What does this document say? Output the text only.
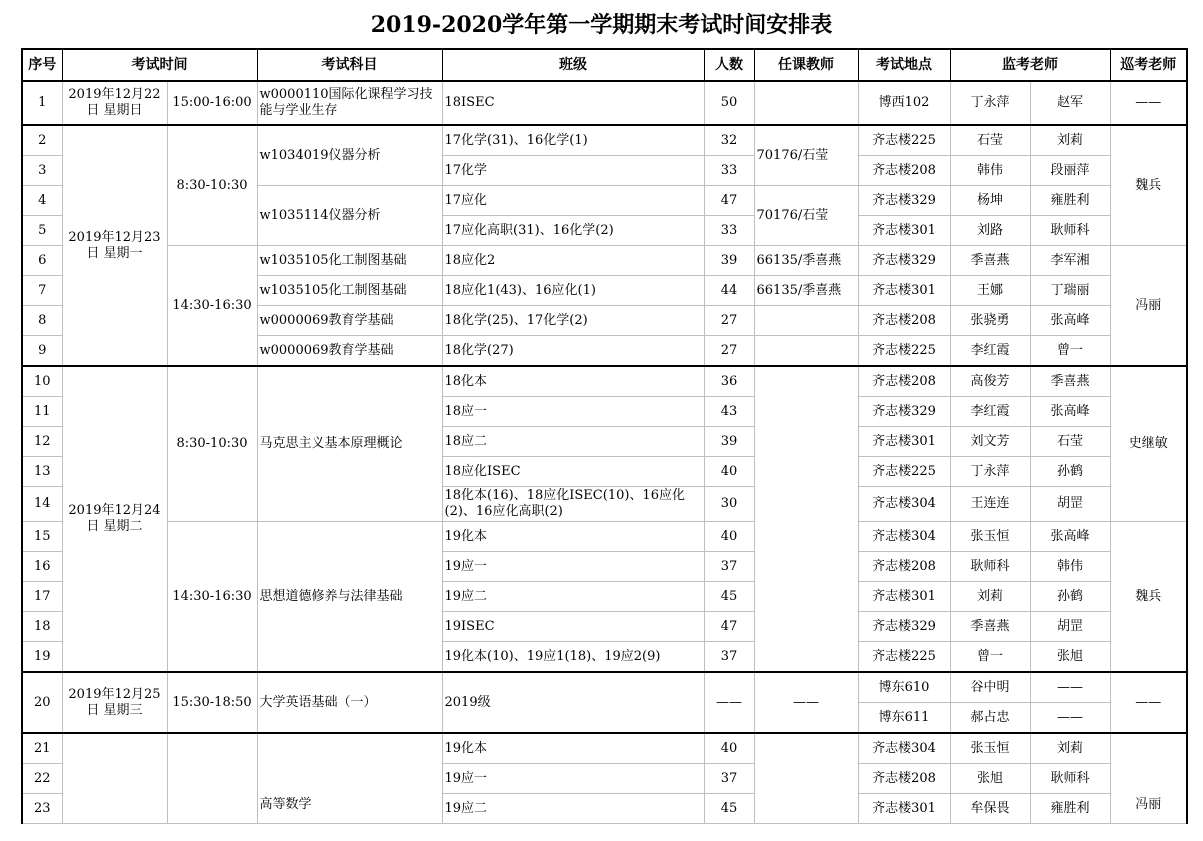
2019-2020学年第一学期期末考试时间安排表
序号	考试时间		考试科目	班级	人数	任课教师	考试地点	监考老师		巡考老师
1	2019年12月22日 星期日	15:00-16:00	w0000110国际化课程学习技能与学业生存	18ISEC	50		博西102	丁永萍	赵军	——
2	2019年12月23日 星期一	8:30-10:30	w1034019仪器分析	17化学(31)、16化学(1)	32	70176/石莹	齐志楼225	石莹	刘莉	魏兵
3				17化学	33		齐志楼208	韩伟	段丽萍	
4			w1035114仪器分析	17应化	47	70176/石莹	齐志楼329	杨坤	雍胜利	
5				17应化高职(31)、16化学(2)	33		齐志楼301	刘路	耿师科	
6		14:30-16:30	w1035105化工制图基础	18应化2	39	66135/季喜燕	齐志楼329	季喜燕	李军湘	冯丽
7			w1035105化工制图基础	18应化1(43)、16应化(1)	44	66135/季喜燕	齐志楼301	王娜	丁瑞丽	
8			w0000069教育学基础	18化学(25)、17化学(2)	27		齐志楼208	张骁勇	张高峰	
9			w0000069教育学基础	18化学(27)	27		齐志楼225	李红霞	曾一	
10	2019年12月24日 星期二	8:30-10:30	马克思主义基本原理概论	18化本	36		齐志楼208	高俊芳	季喜燕	史继敏
11				18应一	43		齐志楼329	李红霞	张高峰	
12				18应二	39		齐志楼301	刘文芳	石莹	
13				18应化ISEC	40		齐志楼225	丁永萍	孙鹤	
14				18化本(16)、18应化ISEC(10)、16应化(2)、16应化高职(2)	30		齐志楼304	王连连	胡罡	
15		14:30-16:30	思想道德修养与法律基础	19化本	40		齐志楼304	张玉恒	张高峰	魏兵
16				19应一	37		齐志楼208	耿师科	韩伟	
17				19应二	45		齐志楼301	刘莉	孙鹤	
18				19ISEC	47		齐志楼329	季喜燕	胡罡	
19				19化本(10)、19应1(18)、19应2(9)	37		齐志楼225	曾一	张旭	
20	2019年12月25日 星期三	15:30-18:50	大学英语基础（一）	2019级	——	——	博东610	谷中明	——	——
							博东611	郝占忠	——	
21			高等数学	19化本	40		齐志楼304	张玉恒	刘莉	冯丽
22				19应一	37		齐志楼208	张旭	耿师科	
23				19应二	45		齐志楼301	牟保畏	雍胜利	
